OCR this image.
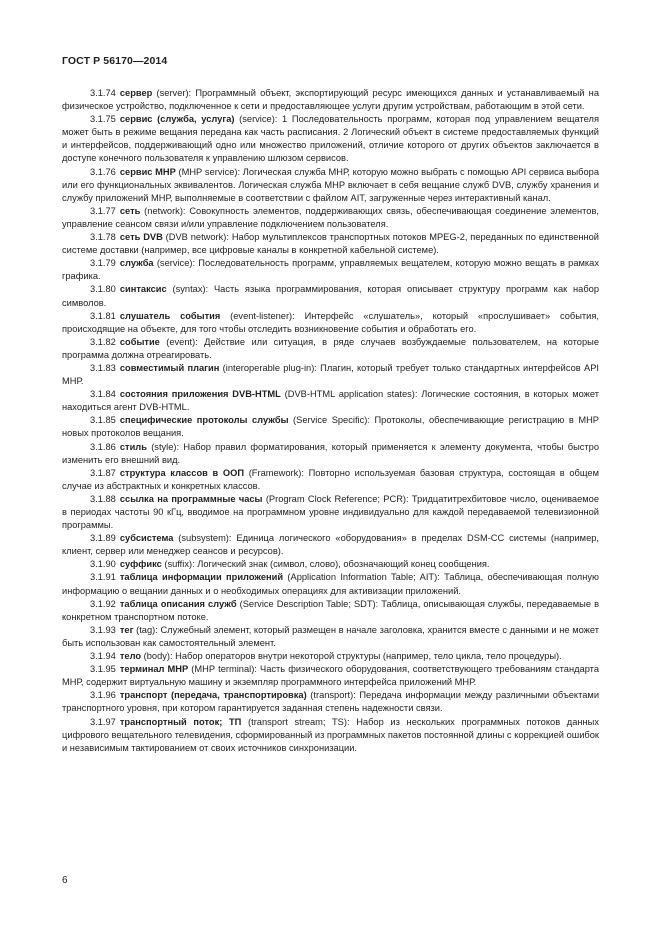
ГОСТ Р 56170—2014

3.1.74 сервер (server): Программный объект, экспортирующий ресурс имеющихся данных и устанавливаемый на физическое устройство, подключенное к сети и предоставляющее услуги другим устройствам, работающим в этой сети.

3.1.75 сервис (служба, услуга) (service): 1 Последовательность программ, которая под управлением вещателя может быть в режиме вещания передана как часть расписания. 2 Логический объект в системе предоставляемых функций и интерфейсов, поддерживающий одно или множество приложений, отличие которого от других объектов заключается в доступе конечного пользователя к управлению шлюзом сервисов.

3.1.76 сервис МНР (МНР service): Логическая служба МНР, которую можно выбрать с помощью API сервиса выбора или его функциональных эквивалентов. Логическая служба МНР включает в себя вещание служб DVB, службу хранения и службу приложений МНР, выполняемые в соответствии с файлом AIT, загруженные через интерактивный канал.

3.1.77 сеть (network): Совокупность элементов, поддерживающих связь, обеспечивающая соединение элементов, управление сеансом связи и/или управление подключением пользователя.

3.1.78 сеть DVB (DVB network): Набор мультиплексов транспортных потоков MPEG-2, переданных по единственной системе доставки (например, все цифровые каналы в конкретной кабельной системе).

3.1.79 служба (service): Последовательность программ, управляемых вещателем, которую можно вещать в рамках графика.

3.1.80 синтаксис (syntax): Часть языка программирования, которая описывает структуру программ как набор символов.

3.1.81 слушатель события (event-listener): Интерфейс «слушатель», который «прослушивает» события, происходящие на объекте, для того чтобы отследить возникновение события и обработать его.

3.1.82 событие (event): Действие или ситуация, в ряде случаев возбуждаемые пользователем, на которые программа должна отреагировать.

3.1.83 совместимый плагин (interoperable plug-in): Плагин, который требует только стандартных интерфейсов API МНР.

3.1.84 состояния приложения DVB-HTML (DVB-HTML application states): Логические состояния, в которых может находиться агент DVB-HTML.

3.1.85 специфические протоколы службы (Service Specific): Протоколы, обеспечивающие регистрацию в МНР новых протоколов вещания.

3.1.86 стиль (style): Набор правил форматирования, который применяется к элементу документа, чтобы быстро изменить его внешний вид.

3.1.87 структура классов в ООП (Framework): Повторно используемая базовая структура, состоящая в общем случае из абстрактных и конкретных классов.

3.1.88 ссылка на программные часы (Program Clock Reference; PCR): Тридцатитрехбитовое число, оцениваемое в периодах частоты 90 кГц, вводимое на программном уровне индивидуально для каждой передаваемой телевизионной программы.

3.1.89 субсистема (subsystem): Единица логического «оборудования» в пределах DSM-CC системы (например, клиент, сервер или менеджер сеансов и ресурсов).

3.1.90 суффикс (suffix): Логический знак (символ, слово), обозначающий конец сообщения.

3.1.91 таблица информации приложений (Application Information Table; AIT): Таблица, обеспечивающая полную информацию о вещании данных и о необходимых операциях для активизации приложений.

3.1.92 таблица описания служб (Service Description Table; SDT): Таблица, описывающая службы, передаваемые в конкретном транспортном потоке.

3.1.93 тег (tag): Служебный элемент, который размещен в начале заголовка, хранится вместе с данными и не может быть использован как самостоятельный элемент.

3.1.94 тело (body): Набор операторов внутри некоторой структуры (например, тело цикла, тело процедуры).

3.1.95 терминал МНР (МНР terminal): Часть физического оборудования, соответствующего требованиям стандарта МНР, содержит виртуальную машину и экземпляр программного интерфейса приложений МНР.

3.1.96 транспорт (передача, транспортировка) (transport): Передача информации между различными объектами транспортного уровня, при котором гарантируется заданная степень надежности связи.

3.1.97 транспортный поток; ТП (transport stream; TS): Набор из нескольких программных потоков данных цифрового вещательного телевидения, сформированный из программных пакетов постоянной длины с коррекцией ошибок и независимым тактированием от своих источников синхронизации.

6
